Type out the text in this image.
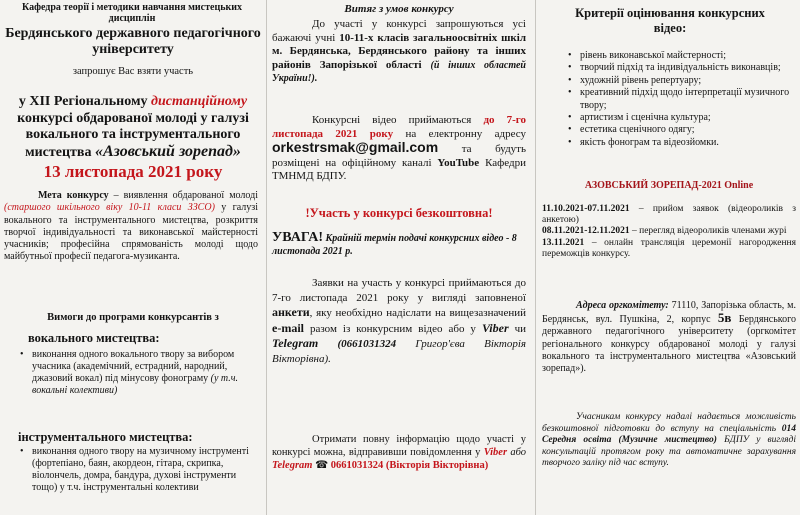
Кафедра теорії і методики навчання мистецьких дисциплін

Бердянського державного педагогічного університету

запрошує Вас взяти участь

у XII Регіональному дистанційному конкурсі обдарованої молоді у галузі вокального та інструментального мистецтва «Азовський зорепад»

13 листопада 2021 року

Мета конкурсу – виявлення обдарованої молоді (старшого шкільного віку 10-11 класи ЗЗСО) у галузі вокального та інструментального мистецтва, розкриття творчої індивідуальності та виконавської майстерності учасників; професійна спрямованість молоді щодо майбутньої професії педагога-музиканта.

Вимоги до програми конкурсантів з

вокального мистецтва:

• виконання одного вокального твору за вибором учасника (академічний, естрадний, народний, джазовий вокал) під мінусову фонограму (у т.ч. вокальні колективи)

інструментального мистецтва:

• виконання одного твору на музичному інструменті (фортепіано, баян, акордеон, гітара, скрипка, віолончель, домра, бандура, духові інструменти тощо) у т.ч. інструментальні колективи

Витяг з умов конкурсу

До участі у конкурсі запрошуються усі бажаючі учні 10-11-х класів загальноосвітніх шкіл м. Бердянська, Бердянського району та інших районів Запорізької області (й інших областей України!).

Конкурсні відео приймаються до 7-го листопада 2021 року на електронну адресу orkestrsmak@gmail.com та будуть розміщені на офіційному каналі YouTube Кафедри ТМНМД БДПУ.

!Участь у конкурсі безкоштовна!

УВАГА! Крайній термін подачі конкурсних відео - 8 листопада 2021 р.

Заявки на участь у конкурсі приймаються до 7-го листопада 2021 року у вигляді заповненої анкети, яку необхідно надіслати на вищезазначений e-mail разом із конкурсним відео або у Viber чи Telegram (0661031324 Григор'єва Вікторія Вікторівна).

Отримати повну інформацію щодо участі у конкурсі можна, відправивши повідомлення у Viber або Telegram ☎ 0661031324 (Вікторія Вікторівна)

Критерії оцінювання конкурсних відео:

• рівень виконавської майстерності;
• творчий підхід та індивідуальність виконавців;
• художній рівень репертуару;
• креативний підхід щодо інтерпретації музичного твору;
• артистизм і сценічна культура;
• естетика сценічного одягу;
• якість фонограм та відеозйомки.

АЗОВСЬКИЙ ЗОРЕПАД-2021 Online

11.10.2021-07.11.2021 – прийом заявок (відеороликів з анкетою)
08.11.2021-12.11.2021 – перегляд відеороликів членами журі
13.11.2021 – онлайн трансляція церемонії нагородження переможців конкурсу.

Адреса оргкомітету: 71110, Запорізька область, м. Бердянськ, вул. Пушкіна, 2, корпус 5в Бердянського державного педагогічного університету (оргкомітет регіонального конкурсу обдарованої молоді у галузі вокального та інструментального мистецтва «Азовський зорепад»).

Учасникам конкурсу надалі надається можливість безкоштовної підготовки до вступу на спеціальність 014 Середня освіта (Музичне мистецтво) БДПУ у вигляді консультацій протягом року та автоматичне зарахування творчого заліку під час вступу.
